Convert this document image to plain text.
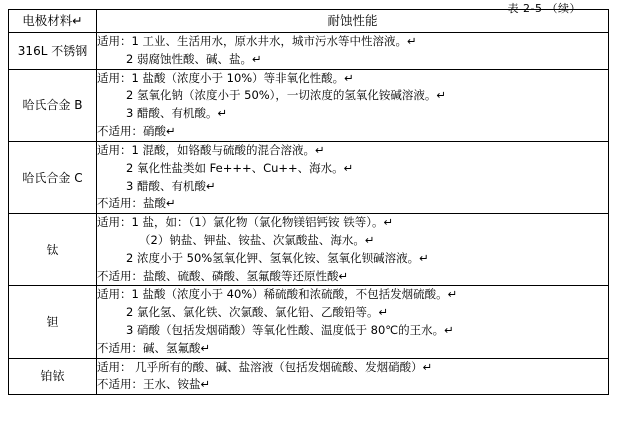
表 2-5 （续）
电极材料↵	耐蚀性能

316L 不锈钢	适用：1 工业、生活用水，原水井水，城市污水等中性溶液。↵
2 弱腐蚀性酸、碱、盐。↵

哈氏合金 B	适用：1 盐酸（浓度小于 10%）等非氧化性酸。↵
2 氢氧化钠（浓度小于 50%），一切浓度的氢氧化铵碱溶液。↵
3 醋酸、有机酸。↵
不适用：硝酸↵

哈氏合金 C	适用：1 混酸，如铬酸与硫酸的混合溶液。↵
2 氧化性盐类如 Fe+++、Cu++、海水。↵
3 醋酸、有机酸↵
不适用：盐酸↵

钛	适用：1 盐，如：（1）氯化物（氯化物镁铝钙铵 铁等）。↵
（2）钠盐、钾盐、铵盐、次氯酸盐、海水。↵
2 浓度小于 50%氢氧化钾、氢氧化铵、氢氧化钡碱溶液。↵
不适用：盐酸、硫酸、磷酸、氢氟酸等还原性酸↵

钽	适用：1 盐酸（浓度小于 40%）稀硫酸和浓硫酸，不包括发烟硫酸。↵
2 氯化氢、氯化铁、次氯酸、氯化铅、乙酸铅等。↵
3 硝酸（包括发烟硝酸）等氧化性酸、温度低于 80℃的王水。↵
不适用：碱、氢氟酸↵

铂铱	适用： 几乎所有的酸、碱、盐溶液（包括发烟硫酸、发烟硝酸）↵
不适用：王水、铵盐↵
